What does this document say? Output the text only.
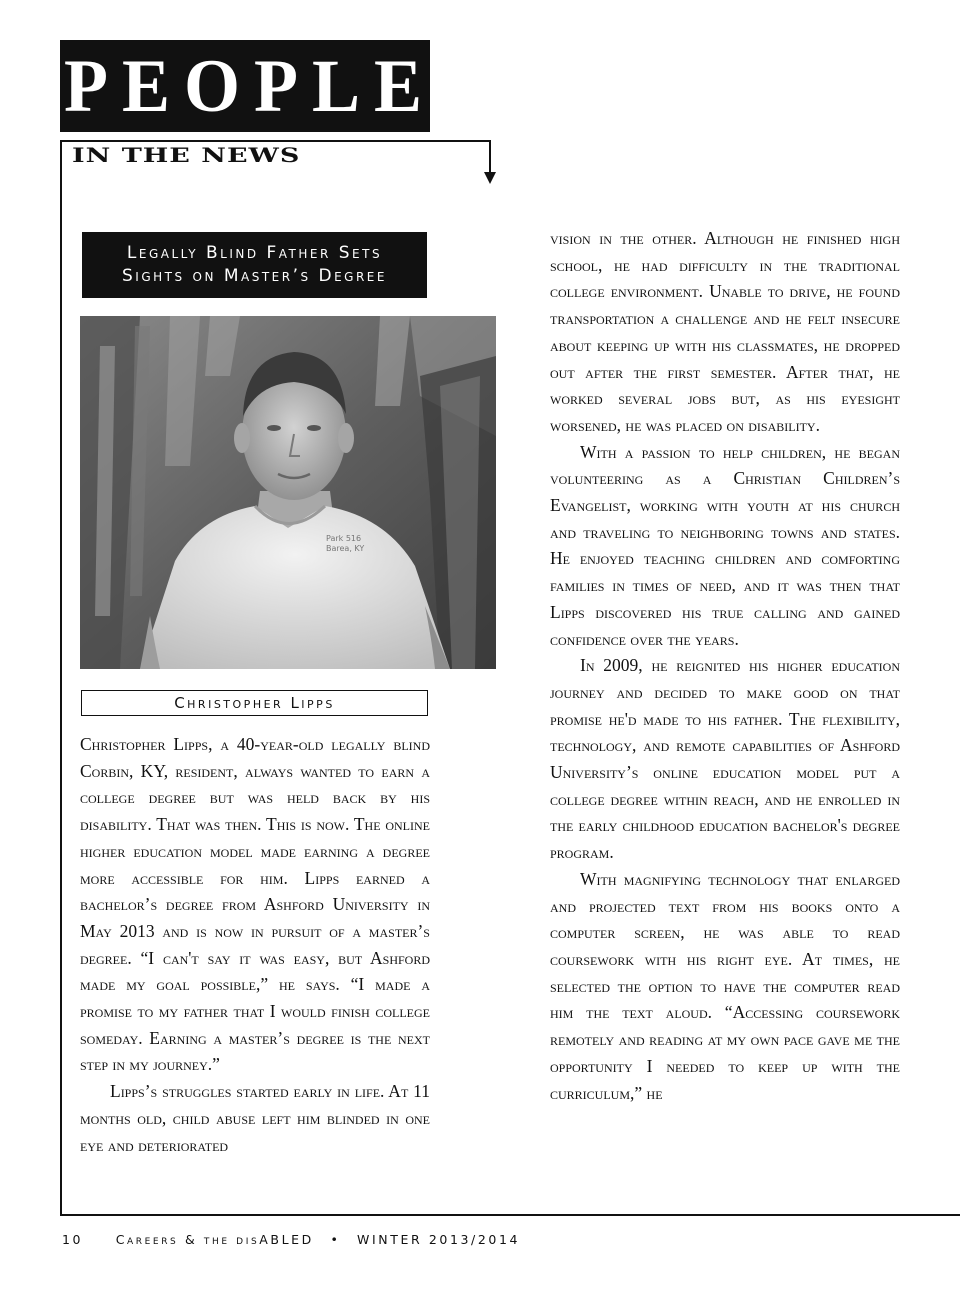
PEOPLE
IN THE NEWS
Legally Blind Father Sets
Sights on Master’s Degree
Park 516
Barea, KY
Christopher Lipps

Christopher Lipps, a 40-year-old legally blind Corbin, KY, resident, always wanted to earn a college degree but was held back by his disability. That was then. This is now. The online higher education model made earning a degree more accessible for him. Lipps earned a bachelor’s degree from Ashford University in May 2013 and is now in pursuit of a master’s degree. “I can't say it was easy, but Ashford made my goal possible,” he says. “I made a promise to my father that I would finish college someday. Earning a master’s degree is the next step in my journey.”

Lipps’s struggles started early in life. At 11 months old, child abuse left him blinded in one eye and deteriorated

vision in the other. Although he finished high school, he had difficulty in the traditional college environment. Unable to drive, he found transportation a challenge and he felt insecure about keeping up with his classmates, he dropped out after the first semester. After that, he worked several jobs but, as his eyesight worsened, he was placed on disability.

With a passion to help children, he began volunteering as a Christian Children’s Evangelist, working with youth at his church and traveling to neighboring towns and states. He enjoyed teaching children and comforting families in times of need, and it was then that Lipps discovered his true calling and gained confidence over the years.

In 2009, he reignited his higher education journey and decided to make good on that promise he'd made to his father. The flexibility, technology, and remote capabilities of Ashford University’s online education model put a college degree within reach, and he enrolled in the early childhood education bachelor's degree program.

With magnifying technology that enlarged and projected text from his books onto a computer screen, he was able to read coursework with his right eye. At times, he selected the option to have the computer read him the text aloud. “Accessing coursework remotely and reading at my own pace gave me the opportunity I needed to keep up with the curriculum,” he

10	Careers & the disABLED • WINTER 2013/2014
